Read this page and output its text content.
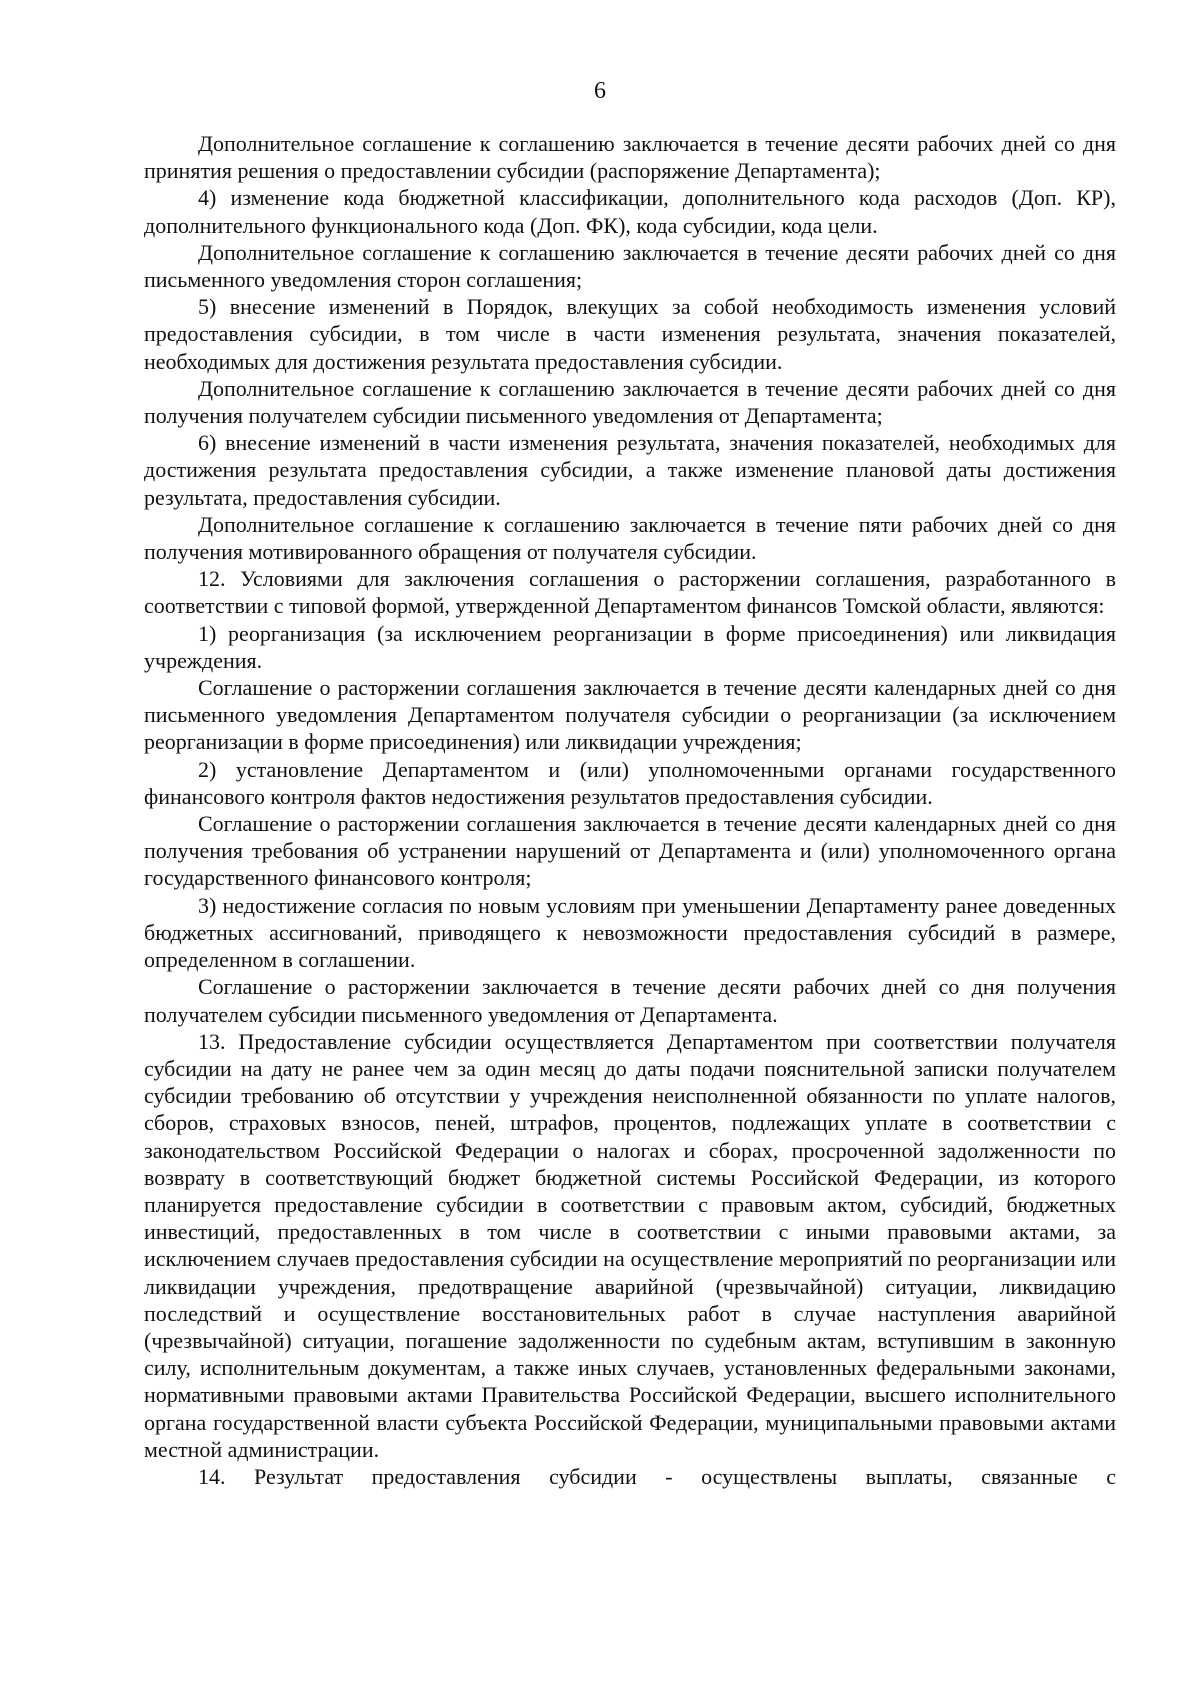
6

Дополнительное соглашение к соглашению заключается в течение десяти рабочих дней со дня принятия решения о предоставлении субсидии (распоряжение Департамента);

4) изменение кода бюджетной классификации, дополнительного кода расходов (Доп. КР), дополнительного функционального кода (Доп. ФК), кода субсидии, кода цели.

Дополнительное соглашение к соглашению заключается в течение десяти рабочих дней со дня письменного уведомления сторон соглашения;

5) внесение изменений в Порядок, влекущих за собой необходимость изменения условий предоставления субсидии, в том числе в части изменения результата, значения показателей, необходимых для достижения результата предоставления субсидии.

Дополнительное соглашение к соглашению заключается в течение десяти рабочих дней со дня получения получателем субсидии письменного уведомления от Департамента;

6) внесение изменений в части изменения результата, значения показателей, необходимых для достижения результата предоставления субсидии, а также изменение плановой даты достижения результата, предоставления субсидии.

Дополнительное соглашение к соглашению заключается в течение пяти рабочих дней со дня получения мотивированного обращения от получателя субсидии.

12. Условиями для заключения соглашения о расторжении соглашения, разработанного в соответствии с типовой формой, утвержденной Департаментом финансов Томской области, являются:

1) реорганизация (за исключением реорганизации в форме присоединения) или ликвидация учреждения.

Соглашение о расторжении соглашения заключается в течение десяти календарных дней со дня письменного уведомления Департаментом получателя субсидии о реорганизации (за исключением реорганизации в форме присоединения) или ликвидации учреждения;

2) установление Департаментом и (или) уполномоченными органами государственного финансового контроля фактов недостижения результатов предоставления субсидии.

Соглашение о расторжении соглашения заключается в течение десяти календарных дней со дня получения требования об устранении нарушений от Департамента и (или) уполномоченного органа государственного финансового контроля;

3) недостижение согласия по новым условиям при уменьшении Департаменту ранее доведенных бюджетных ассигнований, приводящего к невозможности предоставления субсидий в размере, определенном в соглашении.

Соглашение о расторжении заключается в течение десяти рабочих дней со дня получения получателем субсидии письменного уведомления от Департамента.

13. Предоставление субсидии осуществляется Департаментом при соответствии получателя субсидии на дату не ранее чем за один месяц до даты подачи пояснительной записки получателем субсидии требованию об отсутствии у учреждения неисполненной обязанности по уплате налогов, сборов, страховых взносов, пеней, штрафов, процентов, подлежащих уплате в соответствии с законодательством Российской Федерации о налогах и сборах, просроченной задолженности по возврату в соответствующий бюджет бюджетной системы Российской Федерации, из которого планируется предоставление субсидии в соответствии с правовым актом, субсидий, бюджетных инвестиций, предоставленных в том числе в соответствии с иными правовыми актами, за исключением случаев предоставления субсидии на осуществление мероприятий по реорганизации или ликвидации учреждения, предотвращение аварийной (чрезвычайной) ситуации, ликвидацию последствий и осуществление восстановительных работ в случае наступления аварийной (чрезвычайной) ситуации, погашение задолженности по судебным актам, вступившим в законную силу, исполнительным документам, а также иных случаев, установленных федеральными законами, нормативными правовыми актами Правительства Российской Федерации, высшего исполнительного органа государственной власти субъекта Российской Федерации, муниципальными правовыми актами местной администрации.

14. Результат предоставления субсидии - осуществлены выплаты, связанные с
